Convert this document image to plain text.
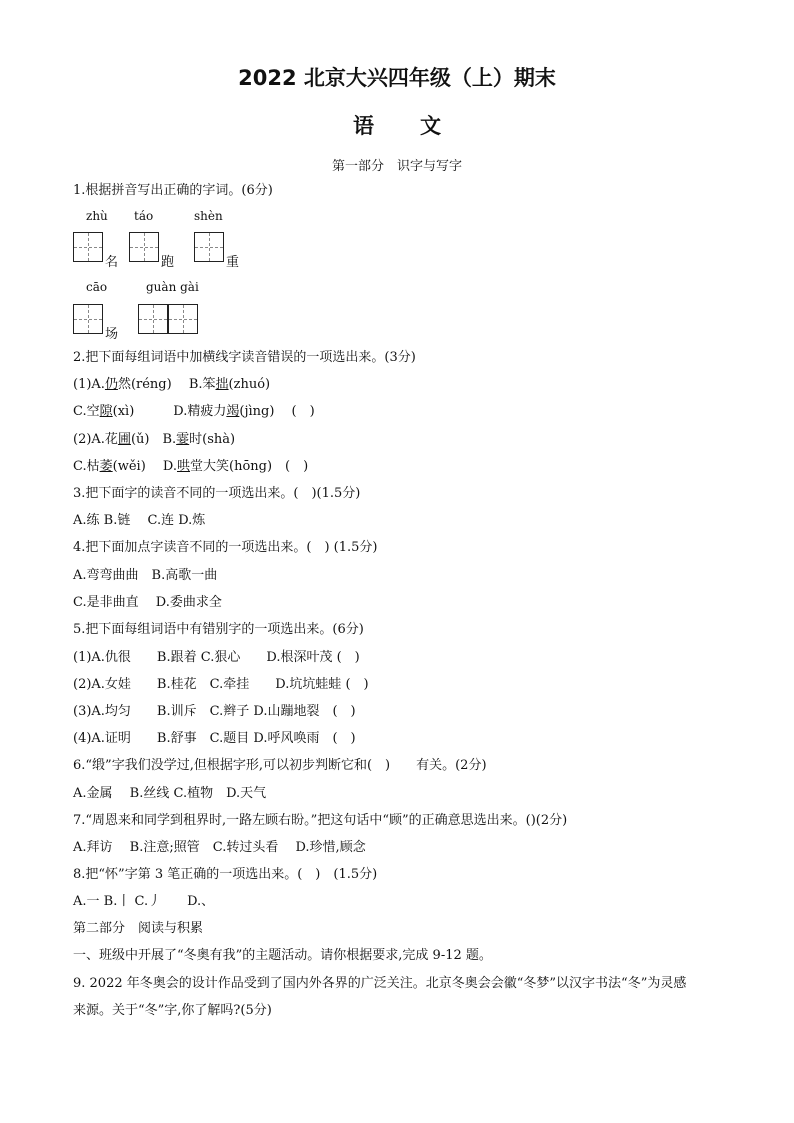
2022 北京大兴四年级（上）期末
语文
第一部分　识字与写字
1.根据拼音写出正确的字词。(6分)
zhù táo	shèn
名	跑	重
cāo	guàn gài
场
2.把下面每组词语中加横线字读音错误的一项选出来。(3分)
(1)A.仍然(réng)　 B.笨拙(zhuó)
C.空隙(xì)　　　D.精疲力竭(jìng)　 (　)
(2)A.花圃(ǔ)　B.霎时(shà)
C.枯萎(wěi)　 D.哄堂大笑(hōng)　(　)
3.把下面字的读音不同的一项选出来。(　)(1.5分)
A.练 B.链 　C.连 D.炼
4.把下面加点字读音不同的一项选出来。(　) (1.5分)
A.弯弯曲曲　B.高歌一曲
C.是非曲直　 D.委曲求全
5.把下面每组词语中有错别字的一项选出来。(6分)
(1)A.仇很　　B.跟着 C.狠心　　D.根深叶茂 (　)
(2)A.女娃　　B.桂花　C.牵挂　　D.坑坑蛙蛙 (　)
(3)A.均匀　　B.训斥　C.辫子 D.山蹦地裂　(　)
(4)A.证明　　B.舒事　C.题目 D.呼风唤雨　(　)
6.“缎”字我们没学过,但根据字形,可以初步判断它和(　)　　有关。(2分)
A.金属　 B.丝线 C.植物　D.天气
7.“周恩来和同学到租界时,一路左顾右盼。”把这句话中“顾”的正确意思选出来。()(2分)
A.拜访　 B.注意;照管　C.转过头看　 D.珍惜,顾念
8.把“怀”字第 3 笔正确的一项选出来。(　)　(1.5分)
A.一 B.丨 C.丿　　D.、
第二部分　阅读与积累
一、班级中开展了“冬奥有我”的主题活动。请你根据要求,完成 9-12 题。
9. 2022 年冬奥会的设计作品受到了国内外各界的广泛关注。北京冬奥会会徽“冬梦”以汉字书法“冬”为灵感
来源。关于“冬”字,你了解吗?(5分)
